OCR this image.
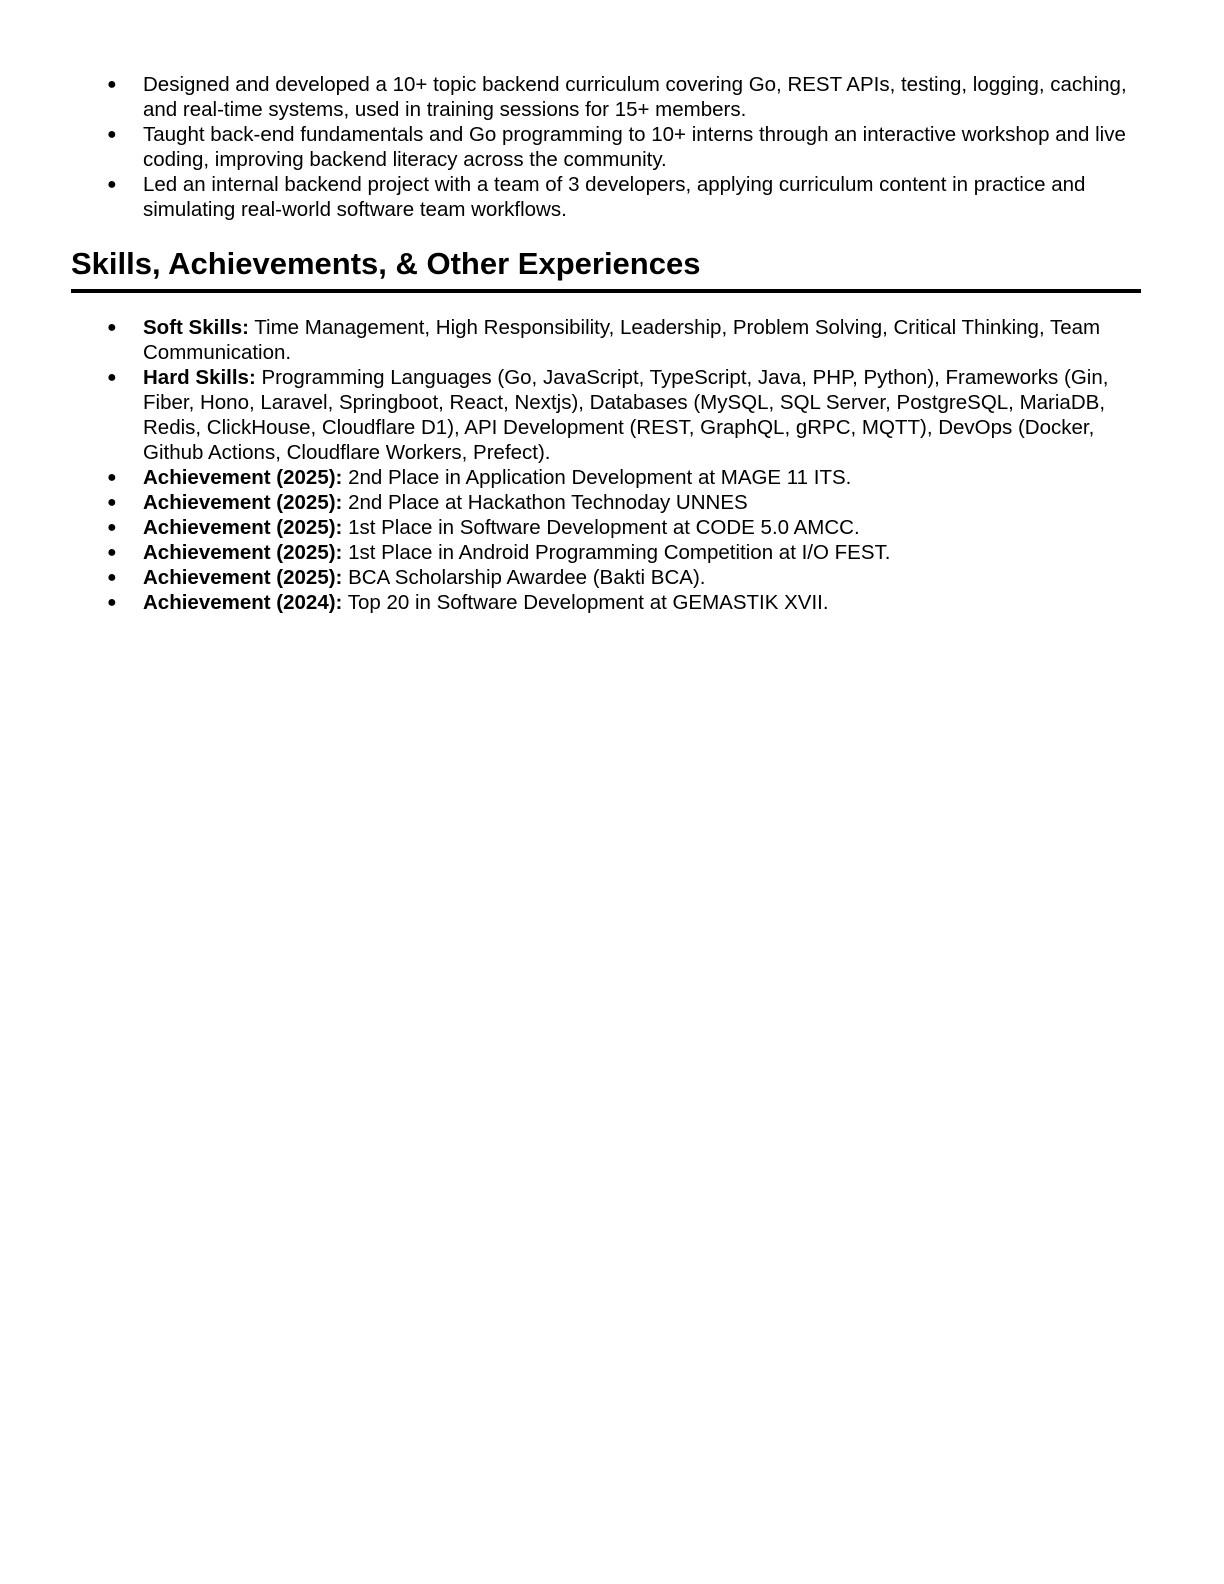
●	Designed and developed a 10+ topic backend curriculum covering Go, REST APIs, testing, logging, caching, and real-time systems, used in training sessions for 15+ members.
●	Taught back-end fundamentals and Go programming to 10+ interns through an interactive workshop and live coding, improving backend literacy across the community.
●	Led an internal backend project with a team of 3 developers, applying curriculum content in practice and simulating real-world software team workflows.
Skills, Achievements, & Other Experiences
●	Soft Skills: Time Management, High Responsibility, Leadership, Problem Solving, Critical Thinking, Team Communication.
●	Hard Skills: Programming Languages (Go, JavaScript, TypeScript, Java, PHP, Python), Frameworks (Gin, Fiber, Hono, Laravel, Springboot, React, Nextjs), Databases (MySQL, SQL Server, PostgreSQL, MariaDB, Redis, ClickHouse, Cloudflare D1), API Development (REST, GraphQL, gRPC, MQTT), DevOps (Docker, Github Actions, Cloudflare Workers, Prefect).
●	Achievement (2025): 2nd Place in Application Development at MAGE 11 ITS.
●	Achievement (2025): 2nd Place at Hackathon Technoday UNNES
●	Achievement (2025): 1st Place in Software Development at CODE 5.0 AMCC.
●	Achievement (2025): 1st Place in Android Programming Competition at I/O FEST.
●	Achievement (2025): BCA Scholarship Awardee (Bakti BCA).
●	Achievement (2024): Top 20 in Software Development at GEMASTIK XVII.
